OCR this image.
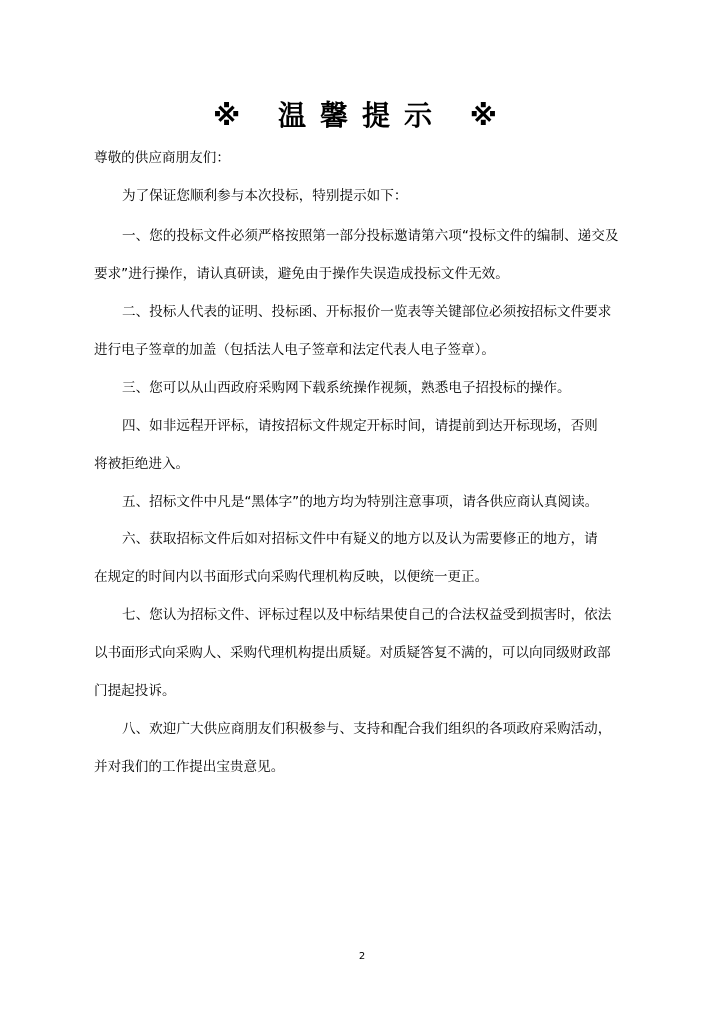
※ 温馨提示 ※
尊敬的供应商朋友们：
为了保证您顺利参与本次投标，特别提示如下：
一、您的投标文件必须严格按照第一部分投标邀请第六项“投标文件的编制、递交及
要求”进行操作，请认真研读，避免由于操作失误造成投标文件无效。
二、投标人代表的证明、投标函、开标报价一览表等关键部位必须按招标文件要求
进行电子签章的加盖（包括法人电子签章和法定代表人电子签章）。
三、您可以从山西政府采购网下载系统操作视频，熟悉电子招投标的操作。
四、如非远程开评标，请按招标文件规定开标时间，请提前到达开标现场，否则
将被拒绝进入。
五、招标文件中凡是“黑体字”的地方均为特别注意事项，请各供应商认真阅读。
六、获取招标文件后如对招标文件中有疑义的地方以及认为需要修正的地方，请
在规定的时间内以书面形式向采购代理机构反映，以便统一更正。
七、您认为招标文件、评标过程以及中标结果使自己的合法权益受到损害时，依法
以书面形式向采购人、采购代理机构提出质疑。对质疑答复不满的，可以向同级财政部
门提起投诉。
八、欢迎广大供应商朋友们积极参与、支持和配合我们组织的各项政府采购活动，
并对我们的工作提出宝贵意见。
2
